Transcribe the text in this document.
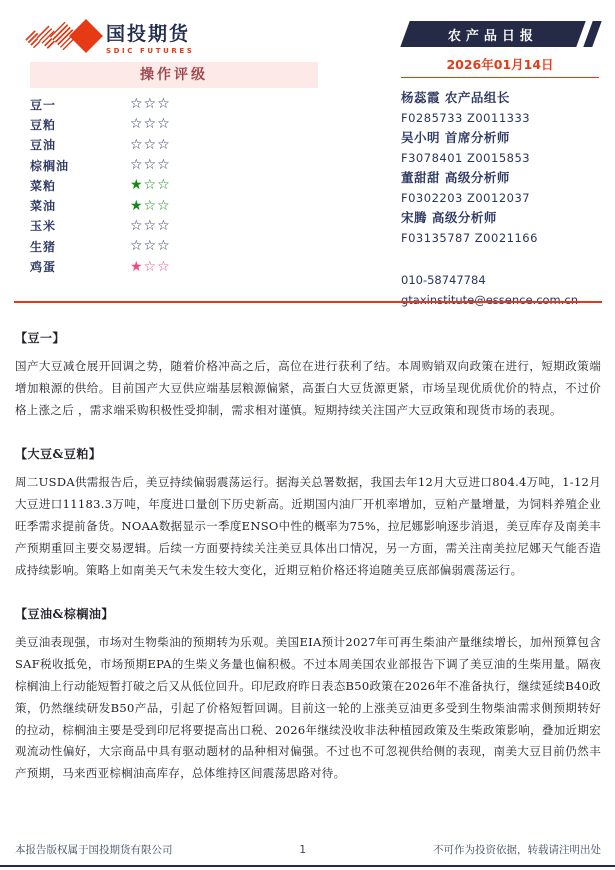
国投期货
SDIC FUTURES
农产品日报
2026年01月14日
操作评级
豆一	☆☆☆
豆粕	☆☆☆
豆油	☆☆☆
棕榈油	☆☆☆
菜粕	★☆☆
菜油	★☆☆
玉米	☆☆☆
生猪	☆☆☆
鸡蛋	★☆☆
杨蕊霞 农产品组长
F0285733 Z0011333
吴小明 首席分析师
F3078401 Z0015853
董甜甜 高级分析师
F0302203 Z0012037
宋腾 高级分析师
F03135787 Z0021166
010-58747784
gtaxinstitute@essence.com.cn
【豆一】

国产大豆减仓展开回调之势，随着价格冲高之后，高位在进行获利了结。本周购销双向政策在进行，短期政策端增加粮源的供给。目前国产大豆供应端基层粮源偏紧，高蛋白大豆货源更紧，市场呈现优质优价的特点，不过价格上涨之后 ，需求端采购积极性受抑制，需求相对谨慎。短期持续关注国产大豆政策和现货市场的表现。

【大豆&豆粕】

周二USDA供需报告后，美豆持续偏弱震荡运行。据海关总署数据，我国去年12月大豆进口804.4万吨，1-12月大豆进口11183.3万吨，年度进口量创下历史新高。近期国内油厂开机率增加，豆粕产量增量，为饲料养殖企业旺季需求提前备货。NOAA数据显示一季度ENSO中性的概率为75%，拉尼娜影响逐步消退，美豆库存及南美丰产预期重回主要交易逻辑。后续一方面要持续关注美豆具体出口情况，另一方面，需关注南美拉尼娜天气能否造成持续影响。策略上如南美天气未发生较大变化，近期豆粕价格还将追随美豆底部偏弱震荡运行。

【豆油&棕榈油】

美豆油表现强，市场对生物柴油的预期转为乐观。美国EIA预计2027年可再生柴油产量继续增长，加州预算包含SAF税收抵免，市场预期EPA的生柴义务量也偏积极。不过本周美国农业部报告下调了美豆油的生柴用量。隔夜棕榈油上行动能短暂打破之后又从低位回升。印尼政府昨日表态B50政策在2026年不准备执行，继续延续B40政策，仍然继续研发B50产品，引起了价格短暂回调。目前这一轮的上涨美豆油更多受到生物柴油需求侧预期转好的拉动，棕榈油主要是受到印尼将要提高出口税、2026年继续没收非法种植园政策及生柴政策影响，叠加近期宏观流动性偏好，大宗商品中具有驱动题材的品种相对偏强。不过也不可忽视供给侧的表现，南美大豆目前仍然丰产预期，马来西亚棕榈油高库存，总体维持区间震荡思路对待。

本报告版权属于国投期货有限公司	1	不可作为投资依据，转载请注明出处
